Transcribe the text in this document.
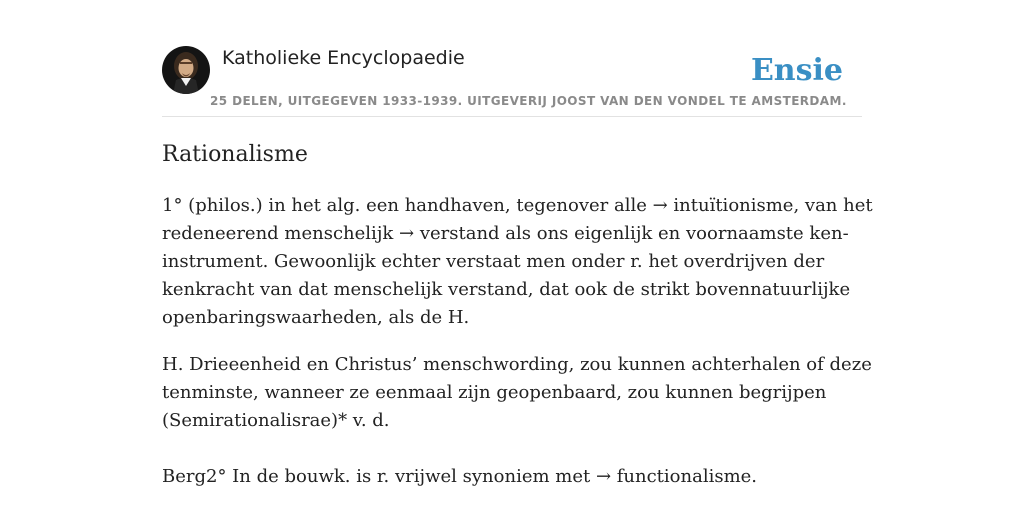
Katholieke Encyclopaedie
25 DELEN, UITGEGEVEN 1933-1939. UITGEVERIJ JOOST VAN DEN VONDEL TE AMSTERDAM.
Ensie
Rationalisme

1° (philos.) in het alg. een handhaven, tegenover alle → intuïtionisme, van het
redeneerend menschelijk → verstand als ons eigenlijk en voornaamste ken-
instrument. Gewoonlijk echter verstaat men onder r. het overdrijven der
kenkracht van dat menschelijk verstand, dat ook de strikt bovennatuurlijke
openbaringswaarheden, als de H.

H. Drieeenheid en Christus’ menschwording, zou kunnen achterhalen of deze
tenminste, wanneer ze eenmaal zijn geopenbaard, zou kunnen begrijpen
(Semirationalisrae)* v. d.

Berg2° In de bouwk. is r. vrijwel synoniem met → functionalisme.
